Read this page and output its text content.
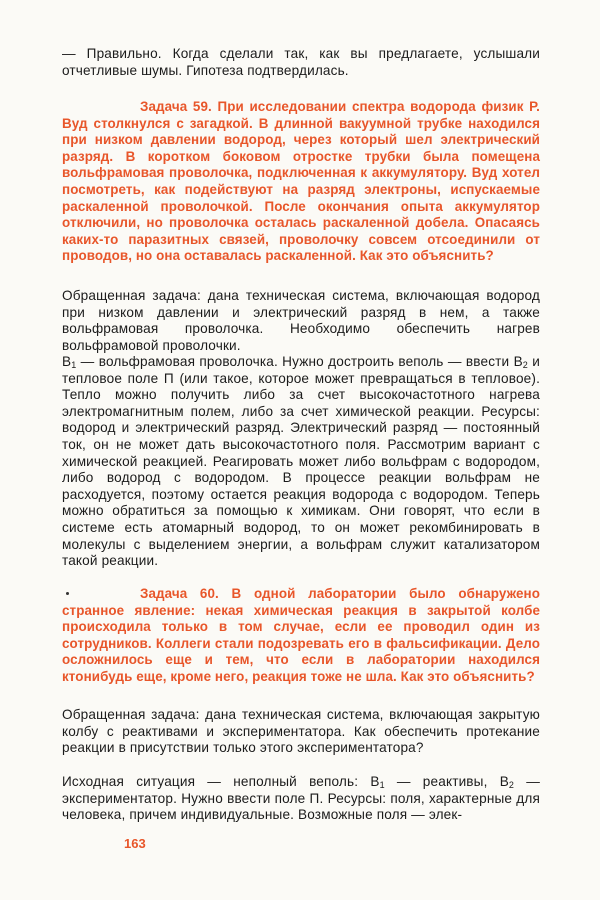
— Правильно. Когда сделали так, как вы предлагаете, услышали отчетливые шумы. Гипотеза подтвердилась.

Задача 59. При исследовании спектра водорода физик Р. Вуд столкнулся с загадкой. В длинной вакуумной трубке находился при низком давлении водород, через который шел электрический разряд. В коротком боковом отростке трубки была помещена вольфрамовая проволочка, подключенная к аккумулятору. Вуд хотел посмотреть, как подействуют на разряд электроны, испускаемые раскаленной проволочкой. После окончания опыта аккумулятор отключили, но проволочка осталась раскаленной добела. Опасаясь каких-то паразитных связей, проволочку совсем отсоединили от проводов, но она оставалась раскаленной. Как это объяснить?

Обращенная задача: дана техническая система, включающая водород при низком давлении и электрический разряд в нем, а также вольфрамовая проволочка. Необходимо обеспечить нагрев вольфрамовой проволочки.

$B_1$ — вольфрамовая проволочка. Нужно достроить веполь — ввести $B_2$ и тепловое поле П (или такое, которое может превращаться в тепловое). Тепло можно получить либо за счет высокочастотного нагрева электромагнитным полем, либо за счет химической реакции. Ресурсы: водород и электрический разряд. Электрический разряд — постоянный ток, он не может дать высокочастотного поля. Рассмотрим вариант с химической реакцией. Реагировать может либо вольфрам с водородом, либо водород с водородом. В процессе реакции вольфрам не расходуется, поэтому остается реакция водорода с водородом. Теперь можно обратиться за помощью к химикам. Они говорят, что если в системе есть атомарный водород, то он может рекомбинировать в молекулы с выделением энергии, а вольфрам служит катализатором такой реакции.

Задача 60. В одной лаборатории было обнаружено странное явление: некая химическая реакция в закрытой колбе происходила только в том случае, если ее проводил один из сотрудников. Коллеги стали подозревать его в фальсификации. Дело осложнилось еще и тем, что если в лаборатории находился ктонибудь еще, кроме него, реакция тоже не шла. Как это объяснить?

Обращенная задача: дана техническая система, включающая закрытую колбу с реактивами и экспериментатора. Как обеспечить протекание реакции в присутствии только этого экспериментатора?

Исходная ситуация — неполный веполь: $B_1$ — реактивы, $B_2$ — экспериментатор. Нужно ввести поле П. Ресурсы: поля, характерные для человека, причем индивидуальные. Возможные поля — элек-

163
